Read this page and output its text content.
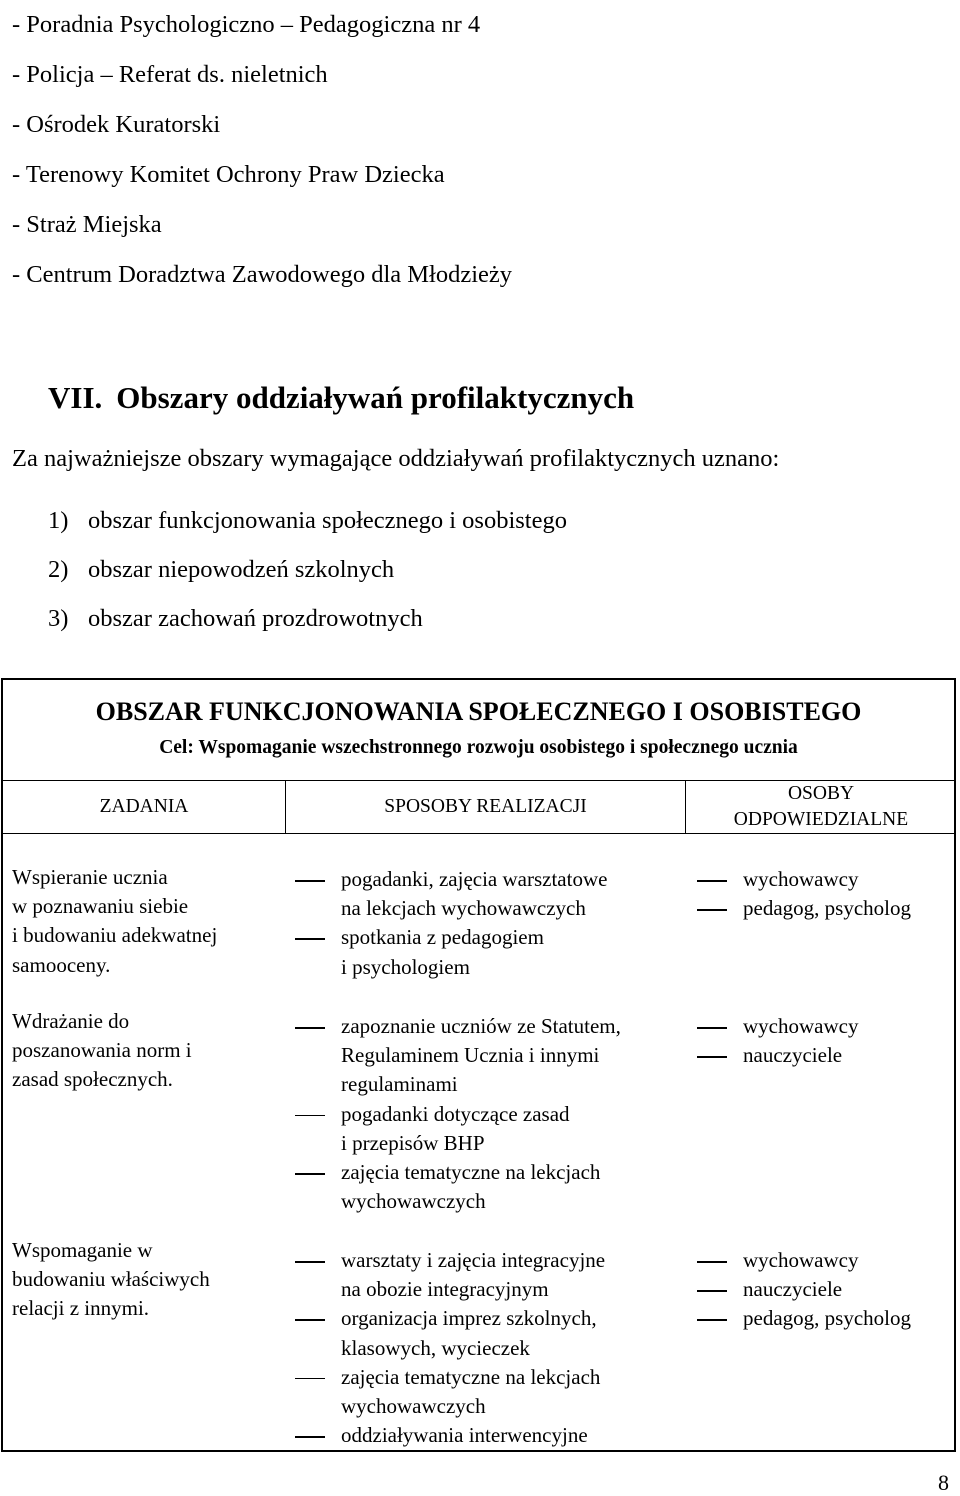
- Poradnia Psychologiczno – Pedagogiczna nr 4
- Policja – Referat ds. nieletnich
- Ośrodek Kuratorski
- Terenowy Komitet Ochrony Praw Dziecka
- Straż Miejska
- Centrum Doradztwa Zawodowego dla Młodzieży
VII. Obszary oddziaływań profilaktycznych
Za najważniejsze obszary wymagające oddziaływań profilaktycznych uznano:
1) obszar funkcjonowania społecznego i osobistego
2) obszar niepowodzeń szkolnych
3) obszar zachowań prozdrowotnych
OBSZAR FUNKCJONOWANIA SPOŁECZNEGO I OSOBISTEGO
Cel: Wspomaganie wszechstronnego rozwoju osobistego i społecznego ucznia
ZADANIA	SPOSOBY REALIZACJI
OSOBY
ODPOWIEDZIALNE
Wspieranie ucznia
w poznawaniu siebie
i budowaniu adekwatnej
samooceny.
pogadanki, zajęcia warsztatowe
na lekcjach wychowawczych
spotkania z pedagogiem
i psychologiem
wychowawcy
pedagog, psycholog
Wdrażanie do
poszanowania norm i
zasad społecznych.
zapoznanie uczniów ze Statutem,
Regulaminem Ucznia i innymi
regulaminami
pogadanki dotyczące zasad
i przepisów BHP
zajęcia tematyczne na lekcjach
wychowawczych
wychowawcy
nauczyciele
Wspomaganie w
budowaniu właściwych
relacji z innymi.
warsztaty i zajęcia integracyjne
na obozie integracyjnym
organizacja imprez szkolnych,
klasowych, wycieczek
zajęcia tematyczne na lekcjach
wychowawczych
oddziaływania interwencyjne
wychowawcy
nauczyciele
pedagog, psycholog
8
